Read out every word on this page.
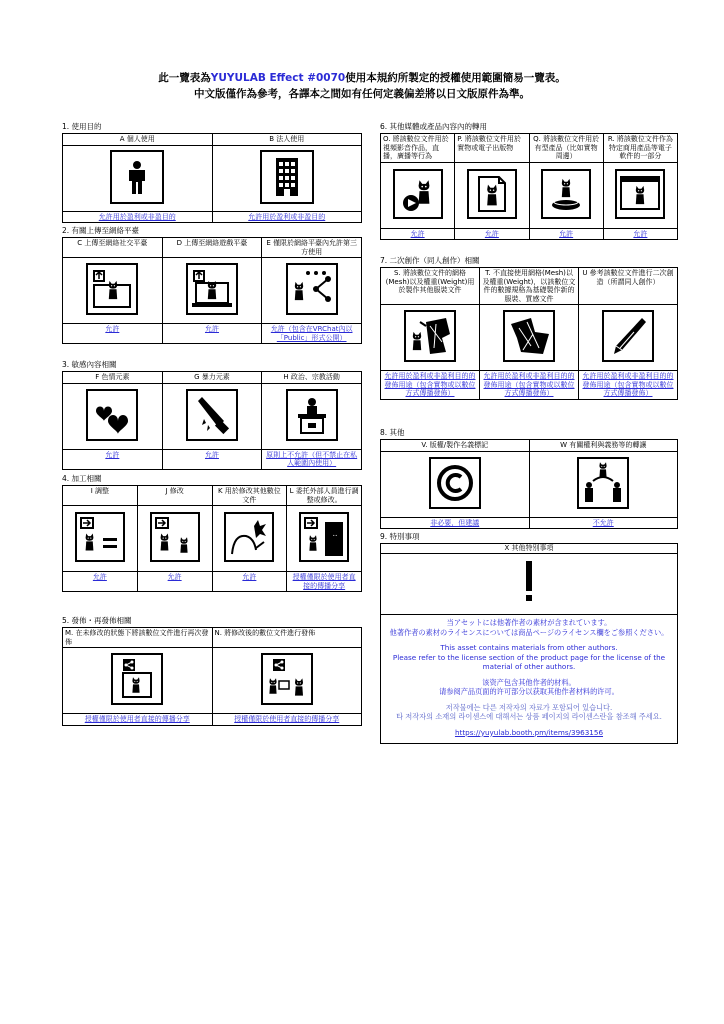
此一覽表為YUYULAB Effect #0070使用本規約所製定的授權使用範圍簡易一覽表。
中文版僅作為參考，各譯本之間如有任何定義偏差將以日文版原件為準。
1. 使用目的
A 個人使用	B 法人使用

允許用於盈利或非盈目的	允許用於盈利或非盈目的
2. 有關上傳至網絡平臺
C 上傳至網絡社交平臺	D 上傳至網絡遊戲平臺	E 僅限於網絡平臺內允許第三方使用

允許	允許	允許（包含在VRChat內以「Public」形式公開）
3. 敏感內容相關
F 色情元素	G 暴力元素	H 政治、宗教活動

允許	允許	原則上不允許（但不禁止在私人範圍內使用）
4. 加工相關
I 調整	J 修改	K 用於修改其他數位文件	L 委托外部人員進行調整或修改。

允許	允許	允許	授權僅限於使用者直接的傳播分享
5. 發佈・再發佈相關
M. 在未修改的狀態下將該數位文件進行再次發佈	N. 將修改後的數位文件進行發佈

授權僅限於使用者直接的傳播分享	授權僅限於使用者直接的傳播分享
6. 其他媒體或產品內容內的轉用
O. 將該數位文件用於視頻影音作品，直播，廣播等行為	P. 將該數位文件用於實物或電子出版物	Q. 將該數位文件用於有型產品（比如實物周邊）	R. 將該數位文件作為特定商用產品等電子軟件的一部分

允許	允許	允許	允許
7. 二次創作（同人創作）相關
S. 將該數位文件的網格(Mesh)以及權重(Weight)用於製作其他服裝文件	T. 不直接使用網格(Mesh)以及權重(Weight)，以該數位文件的數據規格為基礎製作新的服裝、質感文件	U 參考該數位文件進行二次創造（所謂同人創作）

允許用於盈利或非盈利目的的發佈用途（包含實物或以數位方式傳播發佈）	允許用於盈利或非盈利目的的發佈用途（包含實物或以數位方式傳播發佈）	允許用於盈利或非盈利目的的發佈用途（包含實物或以數位方式傳播發佈）
8. 其他
V. 版權/製作名義標記	W 有關權利與義務等的轉讓

非必要，但建議	不允許
9. 特別事項
X 其他特別事項

当アセットには他著作者の素材が含まれています。
他著作者の素材のライセンスについては商品ページのライセンス欄をご参照ください。

This asset contains materials from other authors.
Please refer to the license section of the product page for the license of the material of other authors.

该资产包含其他作者的材料。
请参阅产品页面的许可部分以获取其他作者材料的许可。

저작물에는 다른 저작자의 자료가 포함되어 있습니다.
타 저작자의 소재의 라이센스에 대해서는 상품 페이지의 라이센스란을 참조해 주세요.

https://yuyulab.booth.pm/items/3963156
